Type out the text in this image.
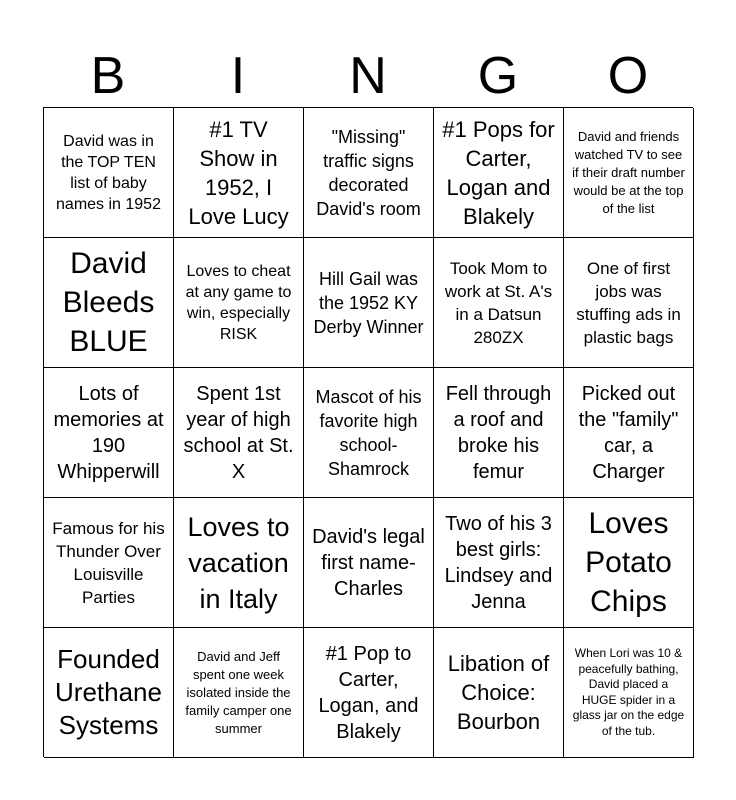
B	I	N	G	O
David was in the TOP TEN list of baby names in 1952
#1 TV Show in 1952, I Love Lucy
"Missing" traffic signs decorated David's room
#1 Pops for Carter, Logan and Blakely
David and friends watched TV to see if their draft number would be at the top of the list
David Bleeds BLUE
Loves to cheat at any game to win, especially RISK
Hill Gail was the 1952 KY Derby Winner
Took Mom to work at St. A's in a Datsun 280ZX
One of first jobs was stuffing ads in plastic bags
Lots of memories at 190 Whipperwill
Spent 1st year of high school at St. X
Mascot of his favorite high school- Shamrock
Fell through a roof and broke his femur
Picked out the "family" car, a Charger
Famous for his Thunder Over Louisville Parties
Loves to vacation in Italy
David's legal first name- Charles
Two of his 3 best girls: Lindsey and Jenna
Loves Potato Chips
Founded Urethane Systems
David and Jeff spent one week isolated inside the family camper one summer
#1 Pop to Carter, Logan, and Blakely
Libation of Choice: Bourbon
When Lori was 10 & peacefully bathing, David placed a HUGE spider in a glass jar on the edge of the tub.
